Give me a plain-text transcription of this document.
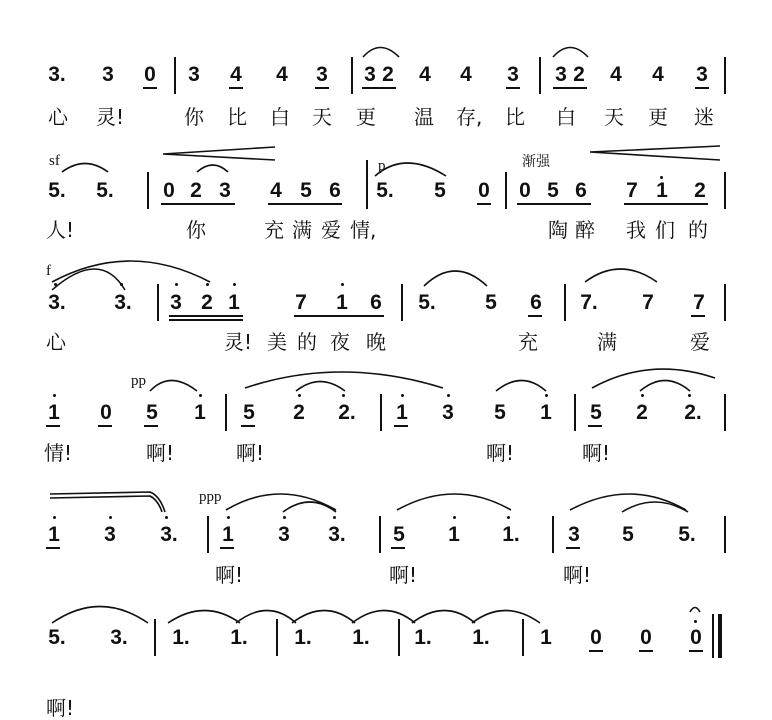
sf	p	渐强
f
pp
ppp
3. 3 0 3 4 4 3 3 2 4 4 3 3 2 4 4 3
心 灵!	你 比 白 天 更 温 存, 比 白 天 更 迷
5. 5. 0 2 3 4 5 6 5. 5 0 0 5 6 7 1 2
人!	你	充 满 爱 情,	陶 醉 我 们 的
3. 3. 3 2 1	7 1 6 5. 5 6 7. 7 7
心	灵! 美 的 夜 晚	充	满	爱
1 0 5 1 5 2 2. 1 3 5 1 5 2 2.
情!	啊!	啊!	啊!	啊!
1 3 3. 1 3 3. 5 1 1. 3 5 5.
啊!	啊!	啊!
5. 3. 1. 1. 1. 1. 1. 1. 1 0 0 0
啊!
